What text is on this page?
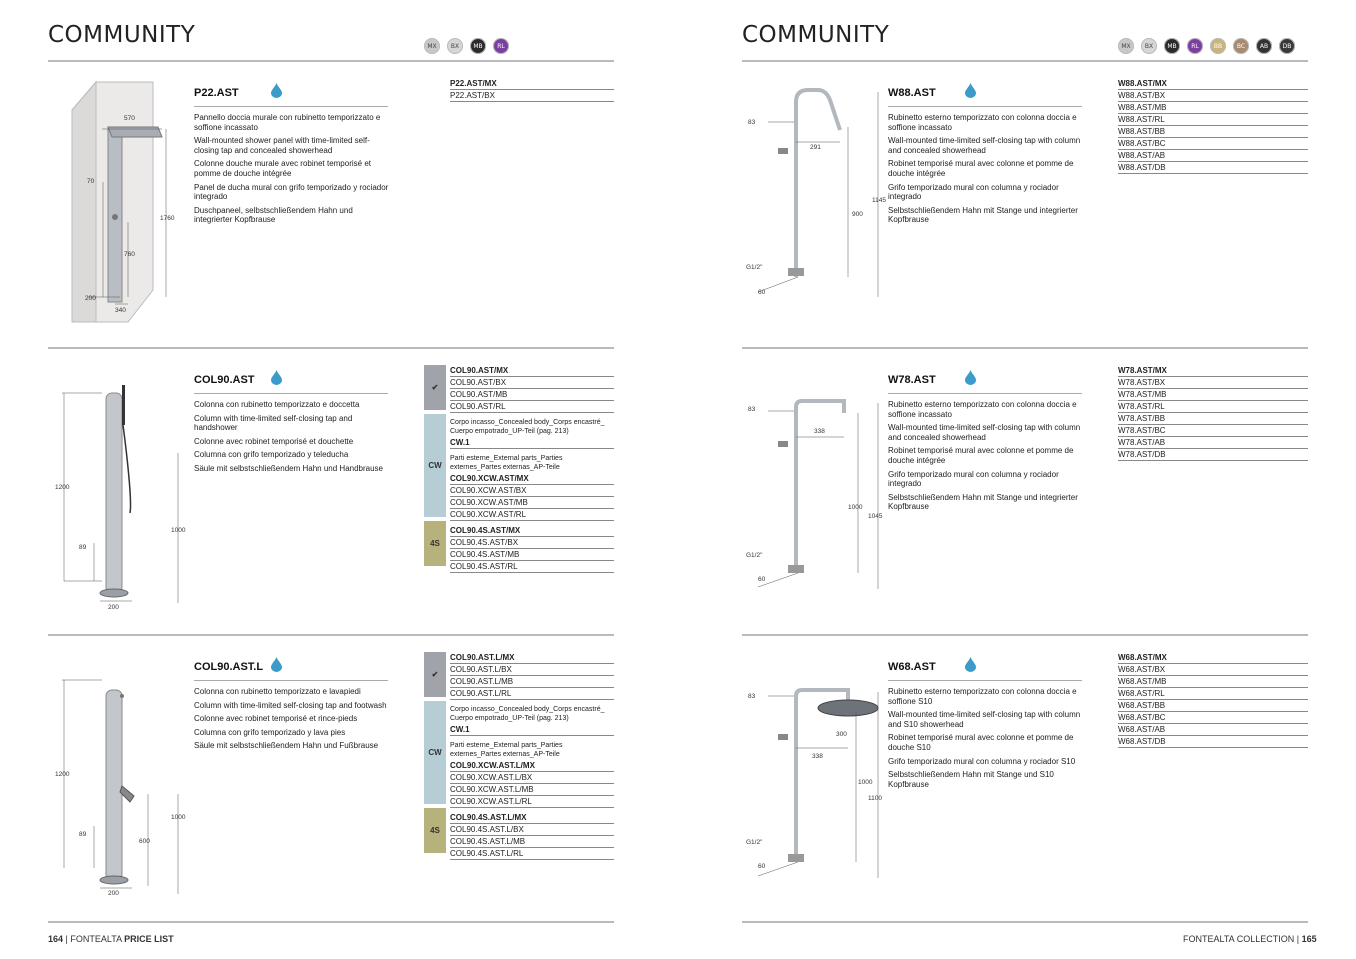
COMMUNITY	MX	BX	MB	RL
570
70
1760
760
200
340
P22.AST

Pannello doccia murale con rubinetto temporizzato e soffione incassato

Wall-mounted shower panel with time-limited self-closing tap and concealed showerhead

Colonne douche murale avec robinet temporisé et pomme de douche intégrée

Panel de ducha mural con grifo temporizado y rociador integrado

Duschpaneel, selbstschließendem Hahn und integrierter Kopfbrause

P22.AST/MX
P22.AST/BX
1200
89
1000
200
COL90.AST

Colonna con rubinetto temporizzato e doccetta

Column with time-limited self-closing tap and handshower

Colonne avec robinet temporisé et douchette

Columna con grifo temporizado y teleducha

Säule mit selbstschließendem Hahn und Handbrause

✔
CW
4S
COL90.AST/MX
COL90.AST/BX
COL90.AST/MB
COL90.AST/RL
Corpo incasso_Concealed body_Corps encastré_ Cuerpo empotrado_UP-Teil (pag. 213)
CW.1
Parti esterne_External parts_Parties externes_Partes externas_AP-Teile
COL90.XCW.AST/MX
COL90.XCW.AST/BX
COL90.XCW.AST/MB
COL90.XCW.AST/RL
COL90.4S.AST/MX
COL90.4S.AST/BX
COL90.4S.AST/MB
COL90.4S.AST/RL
1200
89
1000
600
200
COL90.AST.L

Colonna con rubinetto temporizzato e lavapiedi

Column with time-limited self-closing tap and footwash

Colonne avec robinet temporisé et rince-pieds

Columna con grifo temporizado y lava pies

Säule mit selbstschließendem Hahn und Fußbrause

✔
CW
4S
COL90.AST.L/MX
COL90.AST.L/BX
COL90.AST.L/MB
COL90.AST.L/RL
Corpo incasso_Concealed body_Corps encastré_ Cuerpo empotrado_UP-Teil (pag. 213)
CW.1
Parti esterne_External parts_Parties externes_Partes externas_AP-Teile
COL90.XCW.AST.L/MX
COL90.XCW.AST.L/BX
COL90.XCW.AST.L/MB
COL90.XCW.AST.L/RL
COL90.4S.AST.L/MX
COL90.4S.AST.L/BX
COL90.4S.AST.L/MB
COL90.4S.AST.L/RL
164 | FONTEALTA PRICE LIST
COMMUNITY	MX	BX	MB	RL	BB	BC	AB	DB
83
291
1145
900
G1/2"
60
W88.AST

Rubinetto esterno temporizzato con colonna doccia e soffione incassato

Wall-mounted time-limited self-closing tap with column and concealed showerhead

Robinet temporisé mural avec colonne et pomme de douche intégrée

Grifo temporizado mural con columna y rociador integrado

Selbstschließendem Hahn mit Stange und integrierter Kopfbrause

W88.AST/MX
W88.AST/BX
W88.AST/MB
W88.AST/RL
W88.AST/BB
W88.AST/BC
W88.AST/AB
W88.AST/DB
83
338
1000
1045
G1/2"
60
W78.AST

Rubinetto esterno temporizzato con colonna doccia e soffione incassato

Wall-mounted time-limited self-closing tap with column and concealed showerhead

Robinet temporisé mural avec colonne et pomme de douche intégrée

Grifo temporizado mural con columna y rociador integrado

Selbstschließendem Hahn mit Stange und integrierter Kopfbrause

W78.AST/MX
W78.AST/BX
W78.AST/MB
W78.AST/RL
W78.AST/BB
W78.AST/BC
W78.AST/AB
W78.AST/DB
83
300
338
1000
1100
G1/2"
60
W68.AST

Rubinetto esterno temporizzato con colonna doccia e soffione S10

Wall-mounted time-limited self-closing tap with column and S10 showerhead

Robinet temporisé mural avec colonne et pomme de douche S10

Grifo temporizado mural con columna y rociador S10

Selbstschließendem Hahn mit Stange und S10 Kopfbrause

W68.AST/MX
W68.AST/BX
W68.AST/MB
W68.AST/RL
W68.AST/BB
W68.AST/BC
W68.AST/AB
W68.AST/DB
FONTEALTA COLLECTION | 165
